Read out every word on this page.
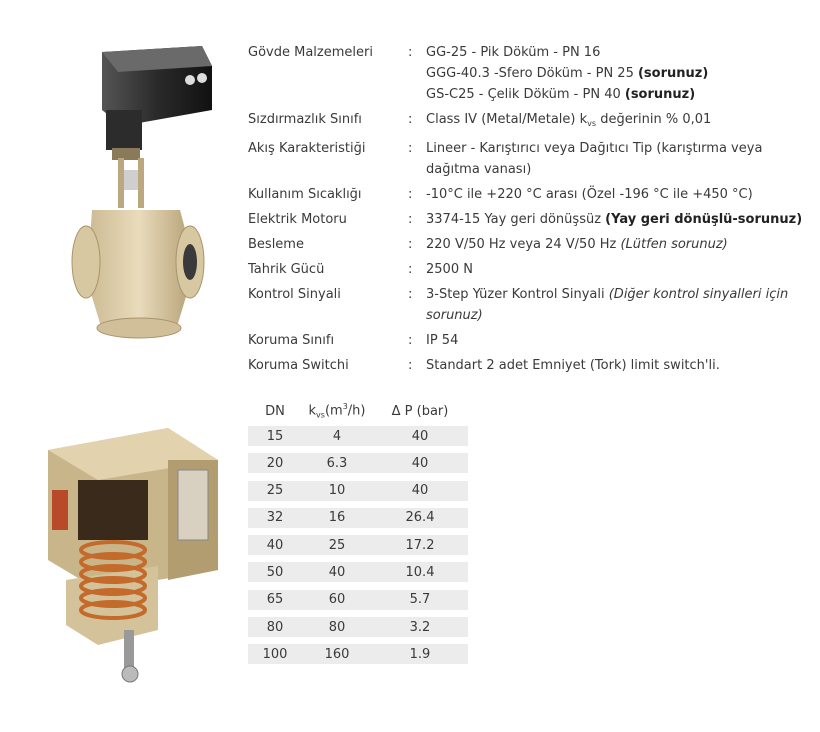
Gövde Malzemeleri	:	GG-25 - Pik Döküm - PN 16
GGG-40.3 -Sfero Döküm - PN 25 (sorunuz)
GS-C25 - Çelik Döküm - PN 40 (sorunuz)
Sızdırmazlık Sınıfı	:	Class IV (Metal/Metale) $k_{vs}$ değerinin % 0,01
Akış Karakteristiği	:	Lineer - Karıştırıcı veya Dağıtıcı Tip (karıştırma veya
dağıtma vanası)
Kullanım Sıcaklığı	:	-10°C ile +220 °C arası (Özel -196 °C ile +450 °C)
Elektrik Motoru	:	3374-15 Yay geri dönüşsüz (Yay geri dönüşlü-sorunuz)
Besleme	:	220 V/50 Hz veya 24 V/50 Hz (Lütfen sorunuz)
Tahrik Gücü	:	2500 N
Kontrol Sinyali	:	3-Step Yüzer Kontrol Sinyali (Diğer kontrol sinyalleri için
sorunuz)
Koruma Sınıfı	:	IP 54
Koruma Switchi	:	Standart 2 adet Emniyet (Tork) limit switch'li.
DN	$k_{vs}(m^3/h)$	Δ P (bar)
15	4	40
20	6.3	40
25	10	40
32	16	26.4
40	25	17.2
50	40	10.4
65	60	5.7
80	80	3.2
100	160	1.9
